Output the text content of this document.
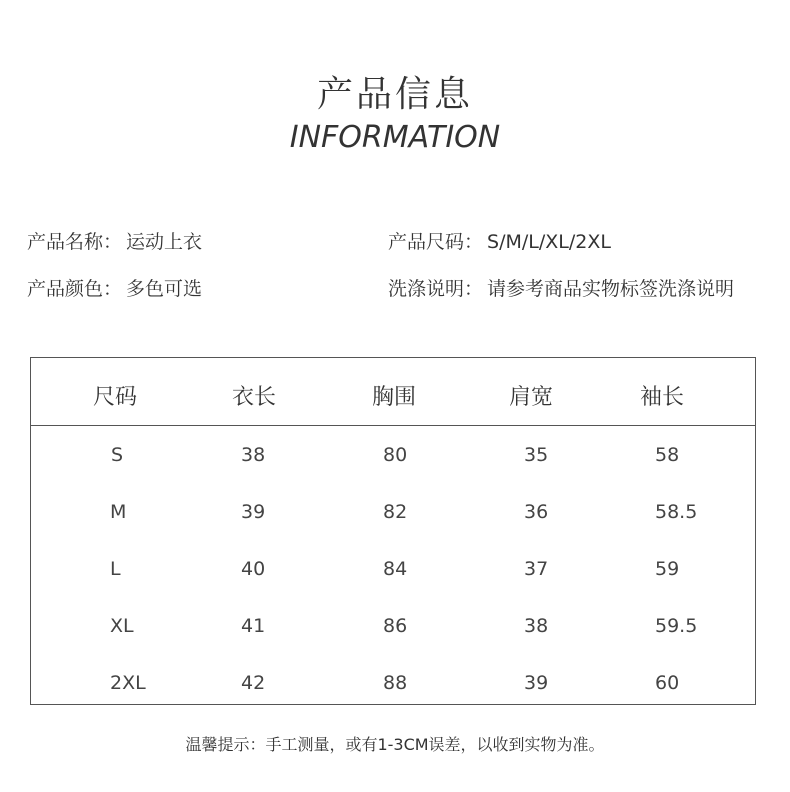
产品信息
INFORMATION
产品名称： 运动上衣	产品尺码： S/M/L/XL/2XL
产品颜色： 多色可选	洗涤说明： 请参考商品实物标签洗涤说明
尺码	衣长	胸围	肩宽	袖长
S	38	80	35	58
M	39	82	36	58.5
L	40	84	37	59
XL	41	86	38	59.5
2XL	42	88	39	60
温馨提示：手工测量，或有1-3CM误差，以收到实物为准。
